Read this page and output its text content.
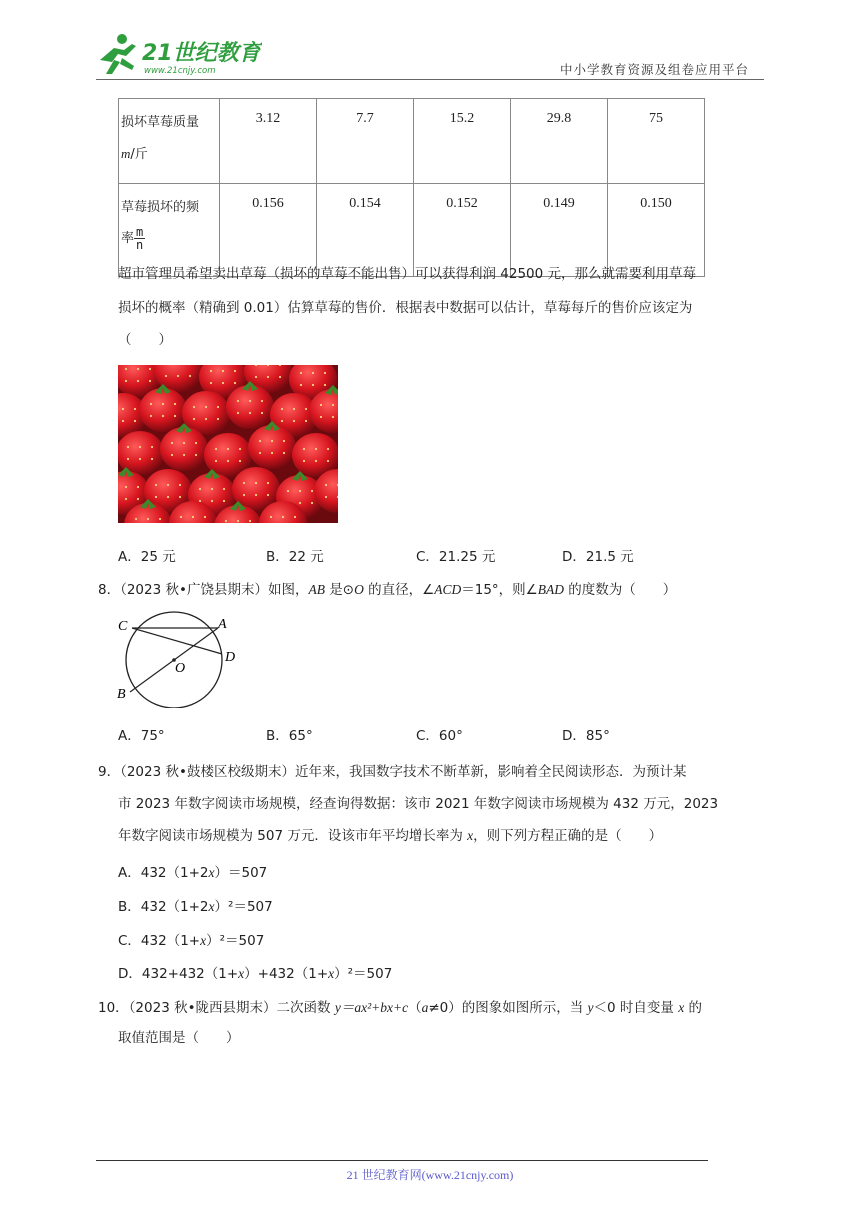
21世纪教育
www.21cnjy.com	中小学教育资源及组卷应用平台
损坏草莓质量
m/斤	3.12	7.7	15.2	29.8	75
草莓损坏的频
率 $\frac{m}{n}$	0.156	0.154	0.152	0.149	0.150
超市管理员希望卖出草莓（损坏的草莓不能出售）可以获得利润 42500 元，那么就需要利用草莓
损坏的概率（精确到 0.01）估算草莓的售价．根据表中数据可以估计，草莓每斤的售价应该定为
（　　）
A．25 元	B．22 元	C．21.25 元	D．21.5 元
8．（2023 秋•广饶县期末）如图，AB 是⊙O 的直径，∠ACD＝15°，则∠BAD 的度数为（　　）
C	A
D
O
B
A．75°	B．65°	C．60°	D．85°
9．（2023 秋•鼓楼区校级期末）近年来，我国数字技术不断革新，影响着全民阅读形态．为预计某
市 2023 年数字阅读市场规模，经查询得数据：该市 2021 年数字阅读市场规模为 432 万元，2023
年数字阅读市场规模为 507 万元．设该市年平均增长率为 x，则下列方程正确的是（　　）
A．432（1+2x）＝507
B．432（1+2x）²＝507
C．432（1+x）²＝507
D．432+432（1+x）+432（1+x）²＝507
10．（2023 秋•陇西县期末）二次函数 y＝ax²+bx+c（a≠0）的图象如图所示，当 y＜0 时自变量 x 的
取值范围是（　　）
21 世纪教育网(www.21cnjy.com)
